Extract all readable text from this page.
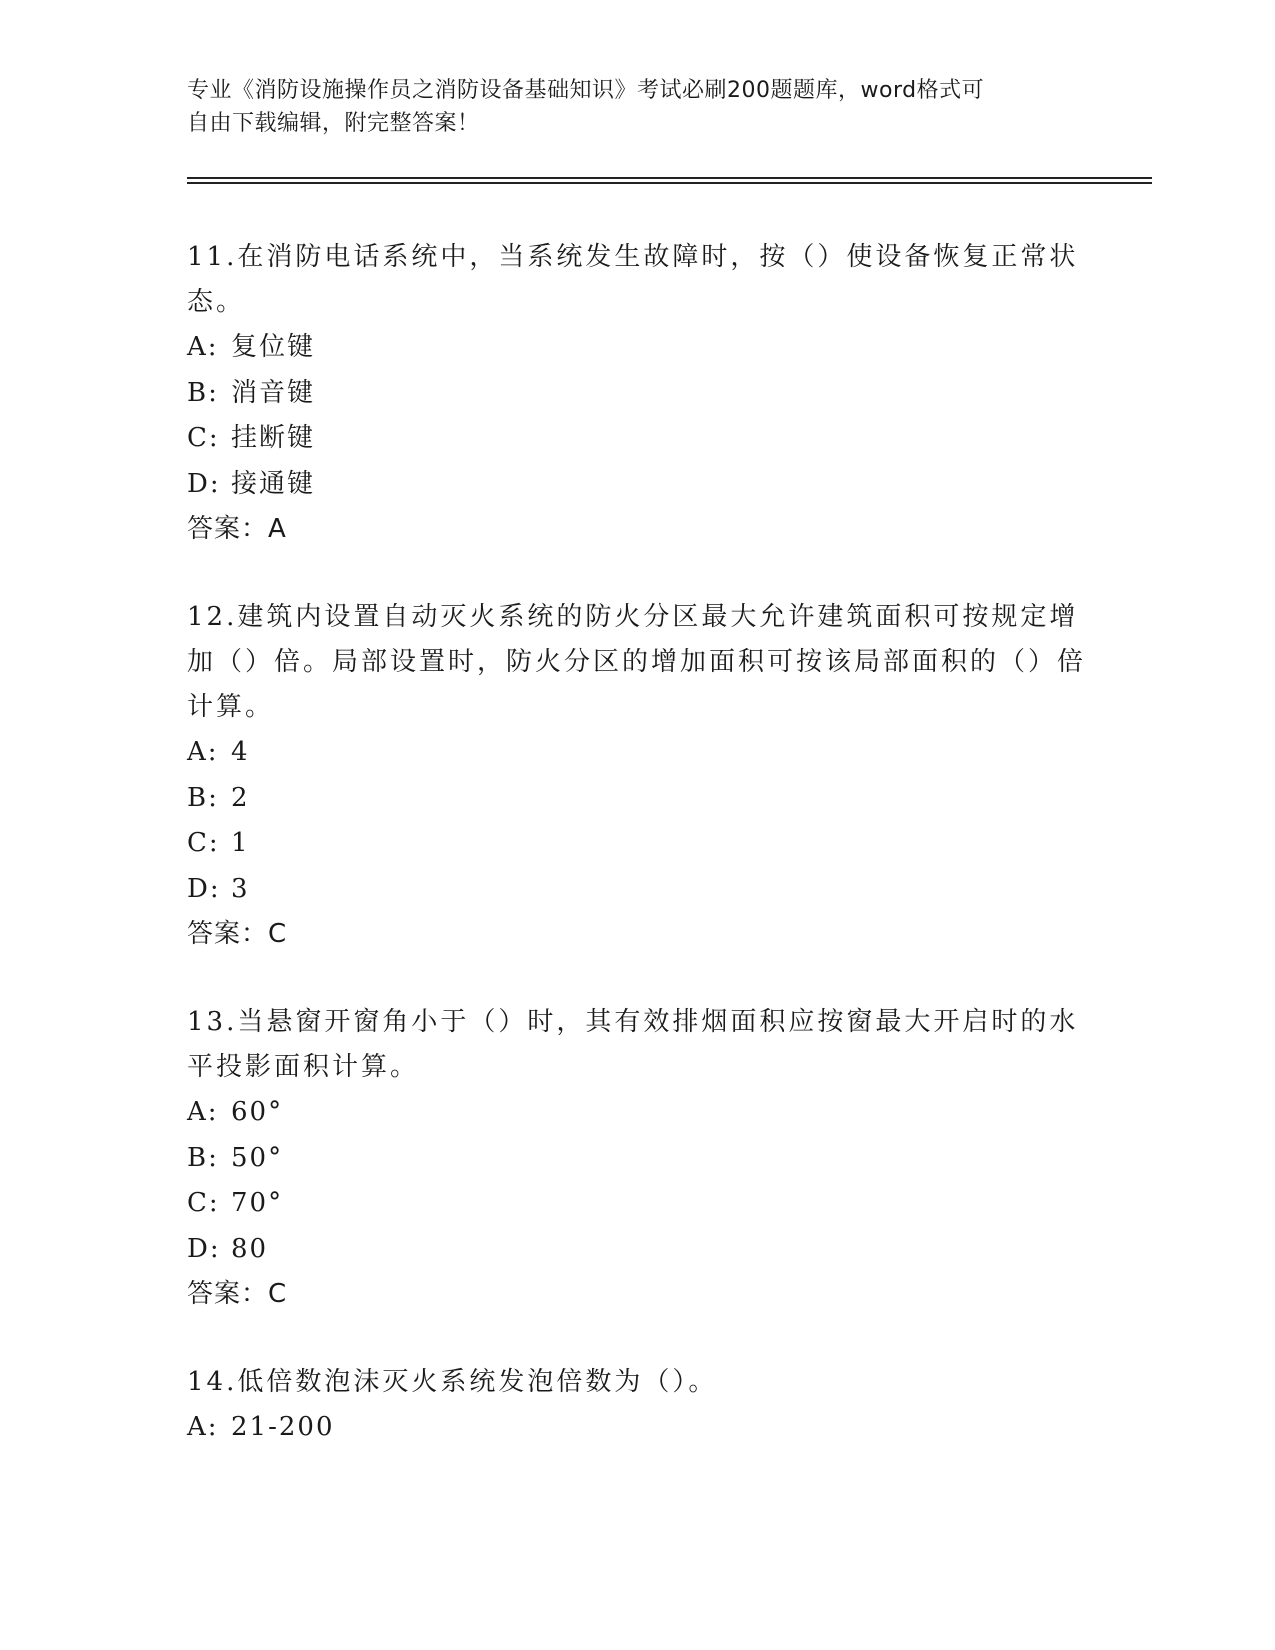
专业《消防设施操作员之消防设备基础知识》考试必刷200题题库，word格式可
自由下载编辑，附完整答案！

11.在消防电话系统中，当系统发生故障时，按（）使设备恢复正常状态。

A: 复位键
B: 消音键
C: 挂断键
D: 接通键
答案：A

12.建筑内设置自动灭火系统的防火分区最大允许建筑面积可按规定增加（）倍。局部设置时，防火分区的增加面积可按该局部面积的（）倍计算。

A: 4
B: 2
C: 1
D: 3
答案：C

13.当悬窗开窗角小于（）时，其有效排烟面积应按窗最大开启时的水平投影面积计算。

A: 60°
B: 50°
C: 70°
D: 80
答案：C

14.低倍数泡沫灭火系统发泡倍数为（）。

A: 21-200
